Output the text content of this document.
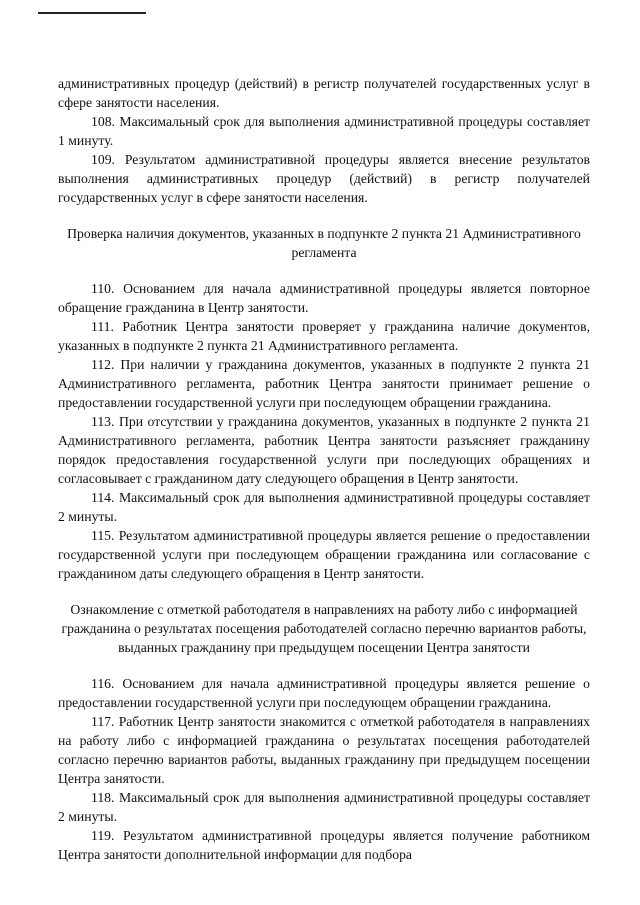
административных процедур (действий) в регистр получателей государственных услуг в сфере занятости населения.

108. Максимальный срок для выполнения административной процедуры составляет 1 минуту.

109. Результатом административной процедуры является внесение результатов выполнения административных процедур (действий) в регистр получателей государственных услуг в сфере занятости населения.

Проверка наличия документов, указанных в подпункте 2 пункта 21 Административного регламента

110. Основанием для начала административной процедуры является повторное обращение гражданина в Центр занятости.

111. Работник Центра занятости проверяет у гражданина наличие документов, указанных в подпункте 2 пункта 21 Административного регламента.

112. При наличии у гражданина документов, указанных в подпункте 2 пункта 21 Административного регламента, работник Центра занятости принимает решение о предоставлении государственной услуги при последующем обращении гражданина.

113. При отсутствии у гражданина документов, указанных в подпункте 2 пункта 21 Административного регламента, работник Центра занятости разъясняет гражданину порядок предоставления государственной услуги при последующих обращениях и согласовывает с гражданином дату следующего обращения в Центр занятости.

114. Максимальный срок для выполнения административной процедуры составляет 2 минуты.

115. Результатом административной процедуры является решение о предоставлении государственной услуги при последующем обращении гражданина или согласование с гражданином даты следующего обращения в Центр занятости.

Ознакомление с отметкой работодателя в направлениях на работу либо с информацией гражданина о результатах посещения работодателей согласно перечню вариантов работы, выданных гражданину при предыдущем посещении Центра занятости

116. Основанием для начала административной процедуры является решение о предоставлении государственной услуги при последующем обращении гражданина.

117. Работник Центр занятости знакомится с отметкой работодателя в направлениях на работу либо с информацией гражданина о результатах посещения работодателей согласно перечню вариантов работы, выданных гражданину при предыдущем посещении Центра занятости.

118. Максимальный срок для выполнения административной процедуры составляет 2 минуты.

119. Результатом административной процедуры является получение работником Центра занятости дополнительной информации для подбора
